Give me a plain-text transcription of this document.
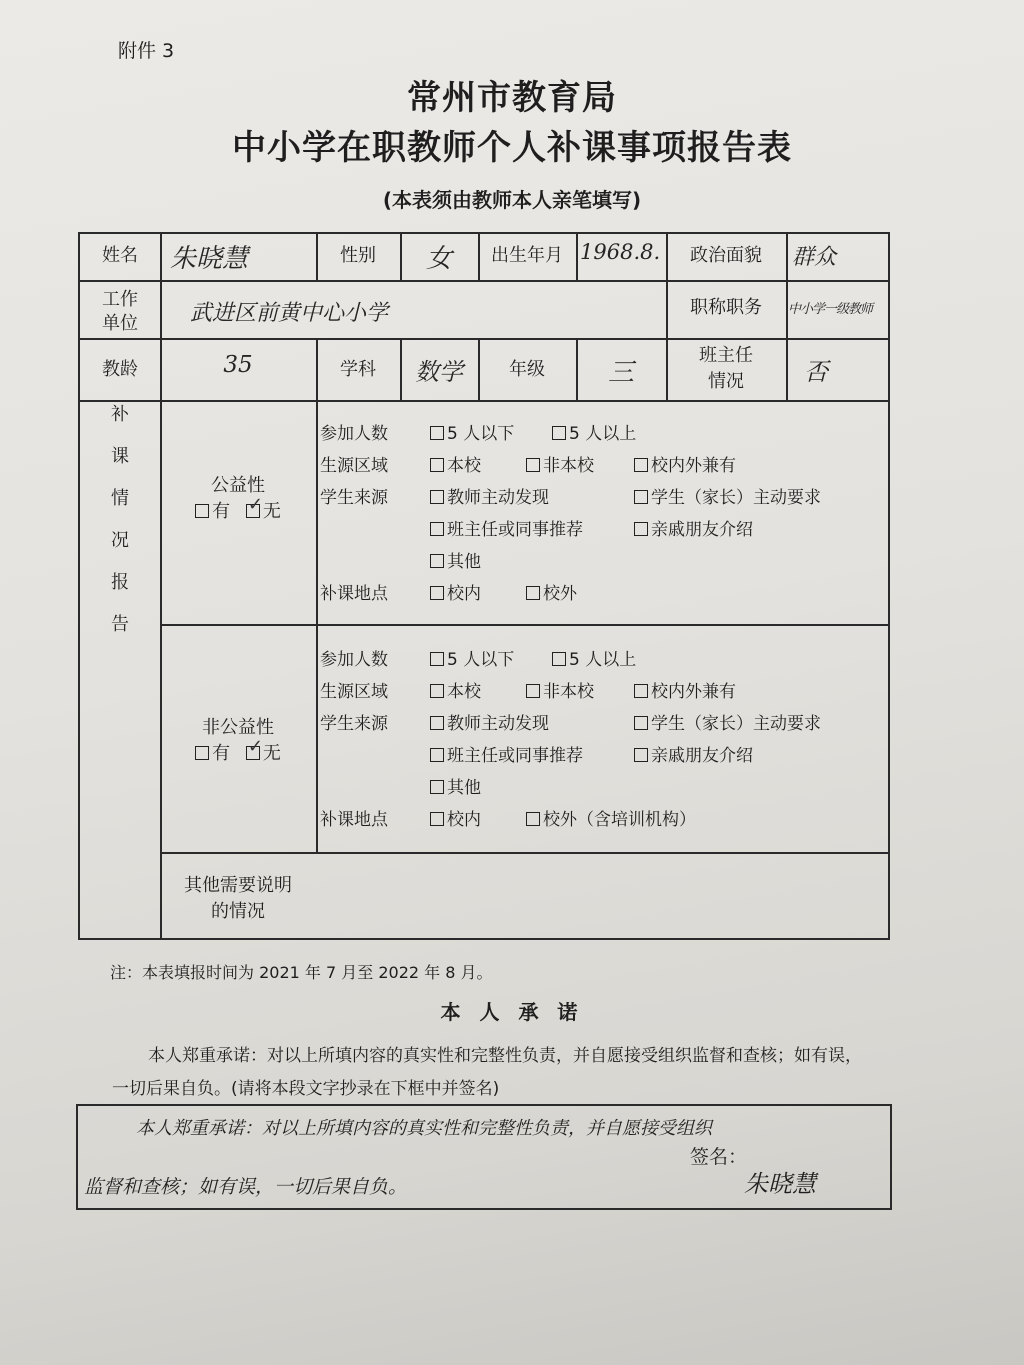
附件 3
常州市教育局
中小学在职教师个人补课事项报告表
(本表须由教师本人亲笔填写)
姓名	朱晓慧	性别	女	出生年月 1968.8.	政治面貌	群众
工作
单位	武进区前黄中心小学	职称职务	中小学一级教师
教龄	35	学科	数学	年级	三
班主任
情况	否
补
课
情
况
报
告
公益性
有 ✓ 无
参加人数	5 人以下	5 人以上
生源区域	本校	非本校	校内外兼有
学生来源	教师主动发现	学生（家长）主动要求
班主任或同事推荐	亲戚朋友介绍
其他
补课地点	校内	校外
非公益性
有 ✓ 无
参加人数	5 人以下	5 人以上
生源区域	本校	非本校	校内外兼有
学生来源	教师主动发现	学生（家长）主动要求
班主任或同事推荐	亲戚朋友介绍
其他
补课地点	校内	校外（含培训机构）
其他需要说明
的情况
注：本表填报时间为 2021 年 7 月至 2022 年 8 月。
本 人 承 诺
本人郑重承诺：对以上所填内容的真实性和完整性负责，并自愿接受组织监督和查核；如有误，一切后果自负。(请将本段文字抄录在下框中并签名)
本人郑重承诺：对以上所填内容的真实性和完整性负责，并自愿接受组织
监督和查核；如有误，一切后果自负。
签名：
朱晓慧
